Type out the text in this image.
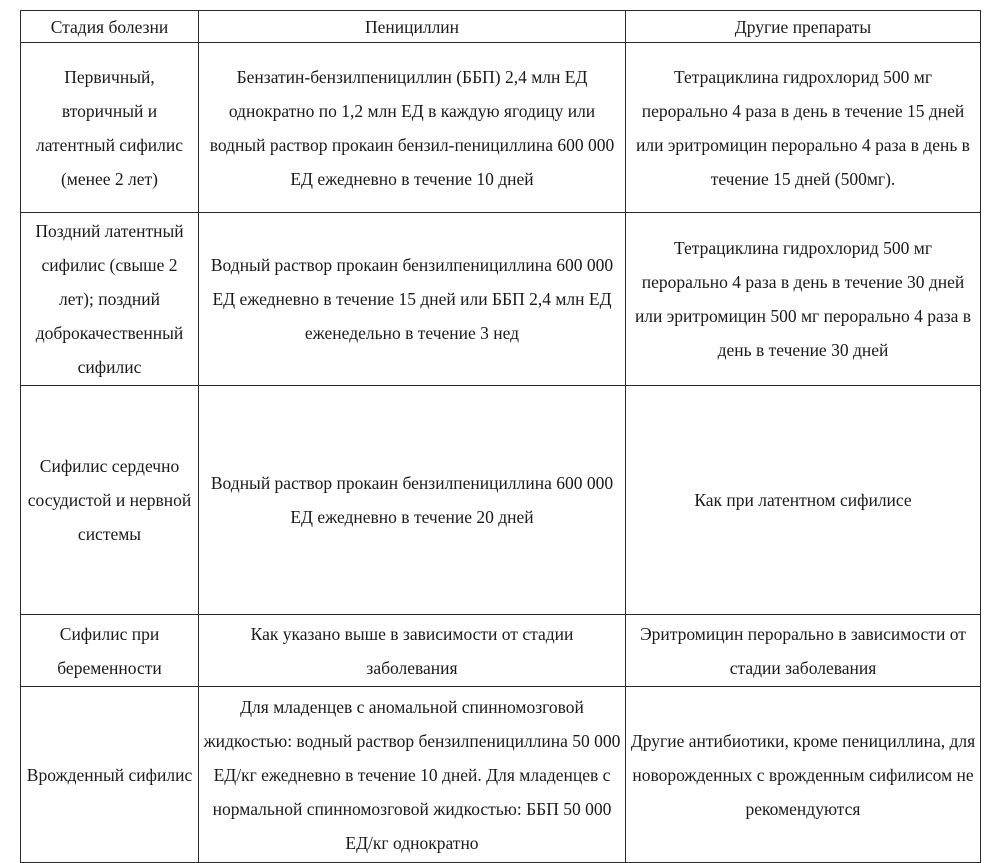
Стадия болезни	Пенициллин	Другие препараты
Первичный, вторичный и латентный сифилис (менее 2 лет)	Бензатин-бензилпенициллин (ББП) 2,4 млн ЕД однократно по 1,2 млн ЕД в каждую ягодицу или водный раствор прокаин бензил-пенициллина 600 000 ЕД ежедневно в течение 10 дней	Тетрациклина гидрохлорид 500 мг перорально 4 раза в день в течение 15 дней или эритромицин перорально 4 раза в день в течение 15 дней (500мг).
Поздний латентный сифилис (свыше 2 лет); поздний доброкачественный сифилис	Водный раствор прокаин бензилпенициллина 600 000 ЕД ежедневно в течение 15 дней или ББП 2,4 млн ЕД еженедельно в течение 3 нед	Тетрациклина гидрохлорид 500 мг перорально 4 раза в день в течение 30 дней или эритромицин 500 мг перорально 4 раза в день в течение 30 дней
Сифилис сердечно сосудистой и нервной системы	Водный раствор прокаин бензилпенициллина 600 000 ЕД ежедневно в течение 20 дней	Как при латентном сифилисе
Сифилис при беременности	Как указано выше в зависимости от стадии заболевания	Эритромицин перорально в зависимости от стадии заболевания
Врожденный сифилис	Для младенцев с аномальной спинномозговой жидкостью: водный раствор бензилпенициллина 50 000 ЕД/кг ежедневно в течение 10 дней. Для младенцев с нормальной спинномозговой жидкостью: ББП 50 000 ЕД/кг однократно	Другие антибиотики, кроме пенициллина, для новорожденных с врожденным сифилисом не рекомендуются
